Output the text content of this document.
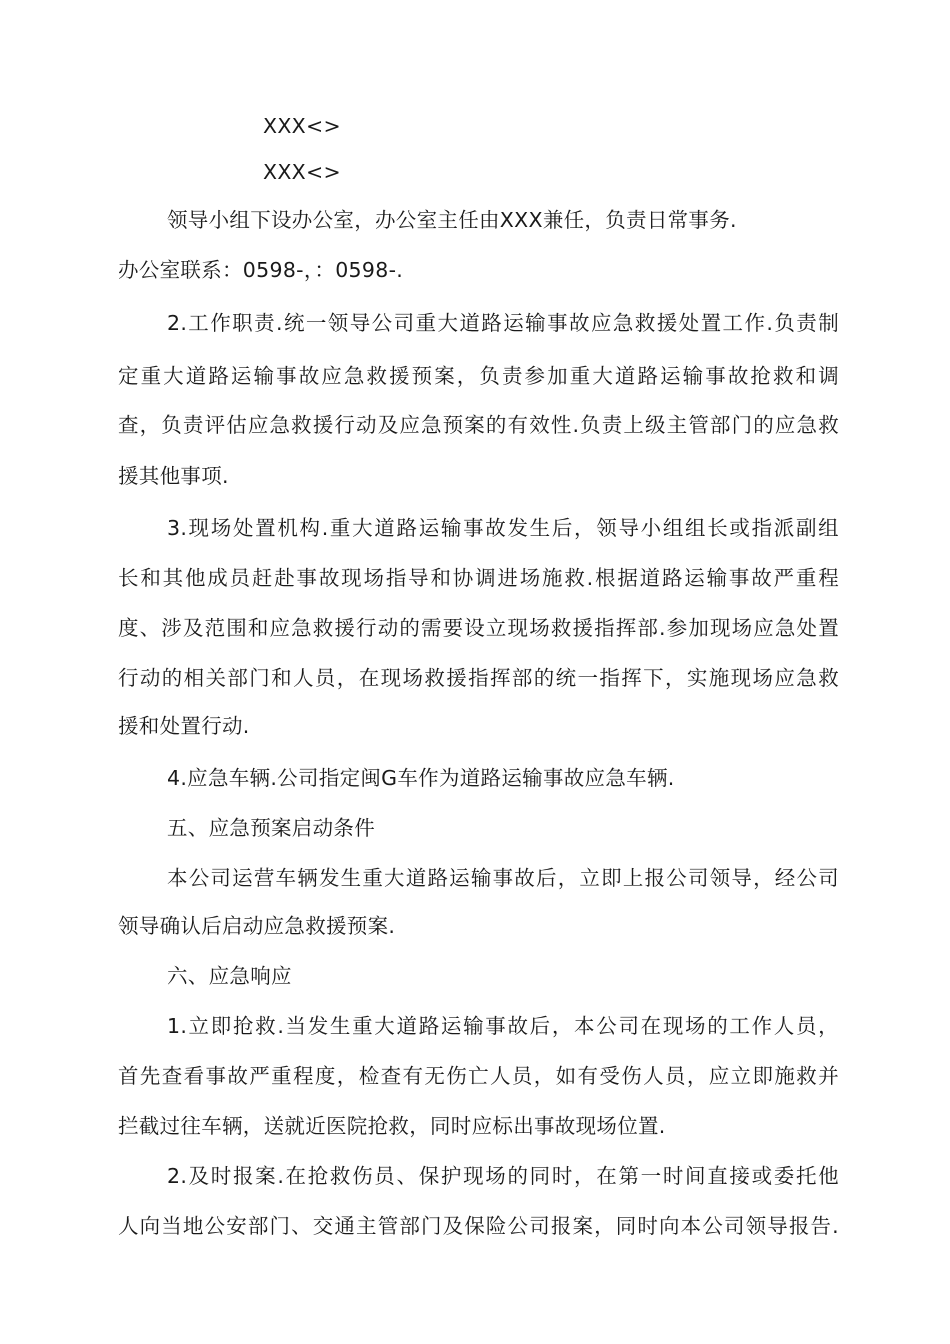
XXX<>
XXX<>
领导小组下设办公室，办公室主任由XXX兼任，负责日常事务.
办公室联系：0598-，：0598-.
2.工作职责.统一领导公司重大道路运输事故应急救援处置工作.负责制
定重大道路运输事故应急救援预案，负责参加重大道路运输事故抢救和调
查，负责评估应急救援行动及应急预案的有效性.负责上级主管部门的应急救
援其他事项.
3.现场处置机构.重大道路运输事故发生后，领导小组组长或指派副组
长和其他成员赶赴事故现场指导和协调进场施救.根据道路运输事故严重程
度、涉及范围和应急救援行动的需要设立现场救援指挥部.参加现场应急处置
行动的相关部门和人员，在现场救援指挥部的统一指挥下，实施现场应急救
援和处置行动.
4.应急车辆.公司指定闽G车作为道路运输事故应急车辆.
五、应急预案启动条件
本公司运营车辆发生重大道路运输事故后，立即上报公司领导，经公司
领导确认后启动应急救援预案.
六、应急响应
1.立即抢救.当发生重大道路运输事故后，本公司在现场的工作人员，
首先查看事故严重程度，检查有无伤亡人员，如有受伤人员，应立即施救并
拦截过往车辆，送就近医院抢救，同时应标出事故现场位置.
2.及时报案.在抢救伤员、保护现场的同时，在第一时间直接或委托他
人向当地公安部门、交通主管部门及保险公司报案，同时向本公司领导报告.
